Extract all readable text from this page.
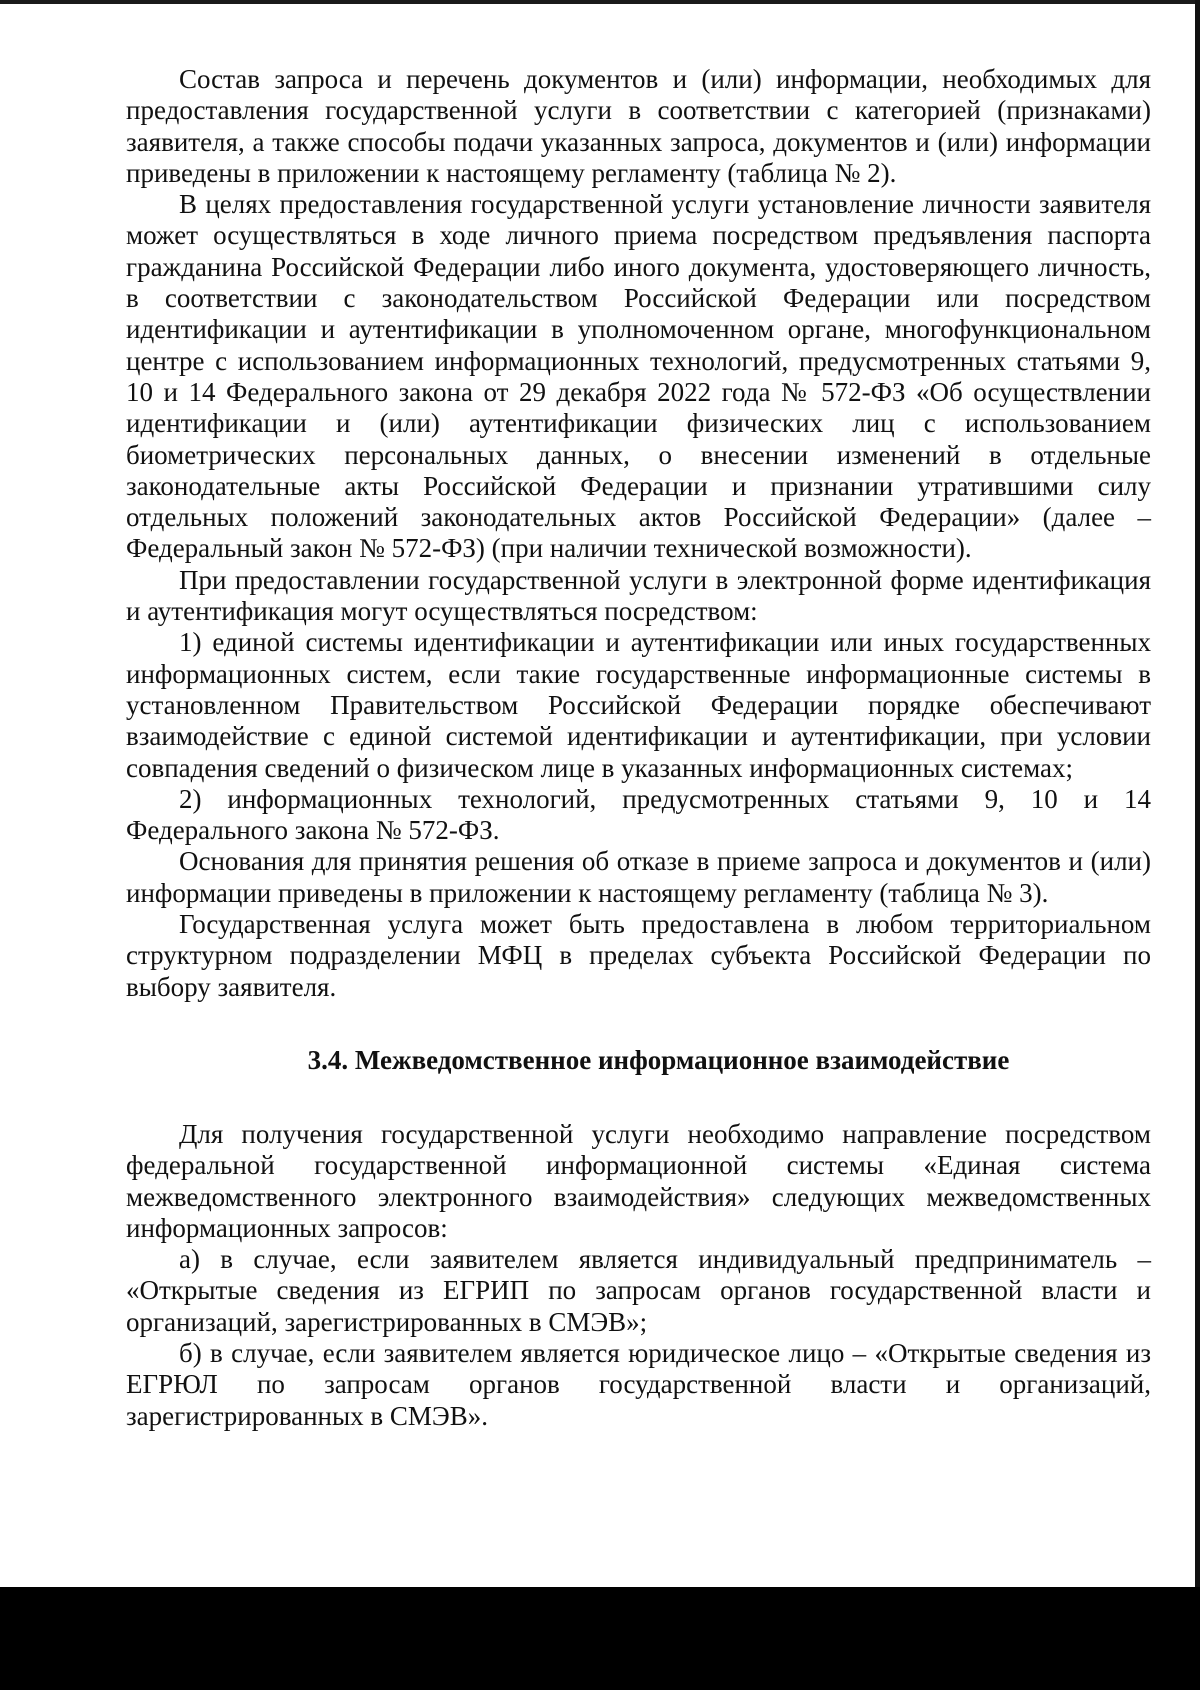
Состав запроса и перечень документов и (или) информации, необходимых для предоставления государственной услуги в соответствии с категорией (признаками) заявителя, а также способы подачи указанных запроса, документов и (или) информации приведены в приложении к настоящему регламенту (таблица № 2).

В целях предоставления государственной услуги установление личности заявителя может осуществляться в ходе личного приема посредством предъявления паспорта гражданина Российской Федерации либо иного документа, удостоверяющего личность, в соответствии с законодательством Российской Федерации или посредством идентификации и аутентификации в уполномоченном органе, многофункциональном центре с использованием информационных технологий, предусмотренных статьями 9, 10 и 14 Федерального закона от 29 декабря 2022 года № 572-ФЗ «Об осуществлении идентификации и (или) аутентификации физических лиц с использованием биометрических персональных данных, о внесении изменений в отдельные законодательные акты Российской Федерации и признании утратившими силу отдельных положений законодательных актов Российской Федерации» (далее – Федеральный закон № 572-ФЗ) (при наличии технической возможности).

При предоставлении государственной услуги в электронной форме идентификация и аутентификация могут осуществляться посредством:

1) единой системы идентификации и аутентификации или иных государственных информационных систем, если такие государственные информационные системы в установленном Правительством Российской Федерации порядке обеспечивают взаимодействие с единой системой идентификации и аутентификации, при условии совпадения сведений о физическом лице в указанных информационных системах;

2) информационных технологий, предусмотренных статьями 9, 10 и 14 Федерального закона № 572-ФЗ.

Основания для принятия решения об отказе в приеме запроса и документов и (или) информации приведены в приложении к настоящему регламенту (таблица № 3).

Государственная услуга может быть предоставлена в любом территориальном структурном подразделении МФЦ в пределах субъекта Российской Федерации по выбору заявителя.

3.4. Межведомственное информационное взаимодействие

Для получения государственной услуги необходимо направление посредством федеральной государственной информационной системы «Единая система межведомственного электронного взаимодействия» следующих межведомственных информационных запросов:

а) в случае, если заявителем является индивидуальный предприниматель – «Открытые сведения из ЕГРИП по запросам органов государственной власти и организаций, зарегистрированных в СМЭВ»;

б) в случае, если заявителем является юридическое лицо – «Открытые сведения из ЕГРЮЛ по запросам органов государственной власти и организаций, зарегистрированных в СМЭВ».
